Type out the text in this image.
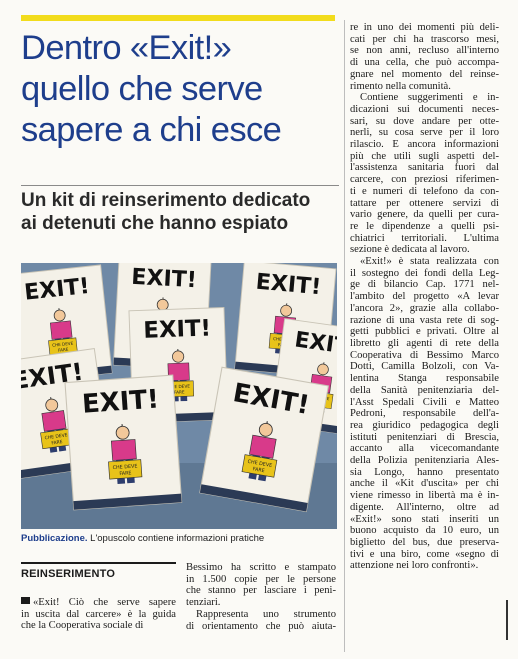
Dentro «Exit!»
quello che serve
sapere a chi esce
Un kit di reinserimento dedicato
ai detenuti che hanno espiato

Pubblicazione. L'opuscolo contiene informazioni pratiche

REINSERIMENTO
«Exit! Ciò che serve sapere
in uscita dal carcere» è la guida
che la Cooperativa sociale di
Bessimo ha scritto e stampato
in 1.500 copie per le persone
che stanno per lasciare i peni-
tenziari.
Rappresenta uno strumento
di orientamento che può aiuta-
re in uno dei momenti più deli-
cati per chi ha trascorso mesi,
se non anni, recluso all'interno
di una cella, che può accompa-
gnare nel momento del reinse-
rimento nella comunità.
Contiene suggerimenti e in-
dicazioni sui documenti neces-
sari, su dove andare per otte-
nerli, su cosa serve per il loro
rilascio. E ancora informazioni
più che utili sugli aspetti del-
l'assistenza sanitaria fuori dal
carcere, con preziosi riferimen-
ti e numeri di telefono da con-
tattare per ottenere servizi di
vario genere, da quelli per cura-
re le dipendenze a quelli psi-
chiatrici territoriali. L'ultima
sezione è dedicata al lavoro.
«Exit!» è stata realizzata con
il sostegno dei fondi della Leg-
ge di bilancio Cap. 1771 nel-
l'ambito del progetto «A levar
l'ancora 2», grazie alla collabo-
razione di una vasta rete di sog-
getti pubblici e privati. Oltre al
libretto gli agenti di rete della
Cooperativa di Bessimo Marco
Dotti, Camilla Bolzoli, con Va-
lentina Stanga responsabile
della Sanità penitenziaria del-
l'Asst Spedali Civili e Matteo
Pedroni, responsabile dell'a-
rea giuridico pedagogica degli
istituti penitenziari di Brescia,
accanto alla vicecomandante
della Polizia penitenziaria Ales-
sia Longo, hanno presentato
anche il «Kit d'uscita» per chi
viene rimesso in libertà ma è in-
digente. All'interno, oltre ad
«Exit!» sono stati inseriti un
buono acquisto da 10 euro, un
biglietto del bus, due preserva-
tivi e una biro, come «segno di
attenzione nei loro confronti».
